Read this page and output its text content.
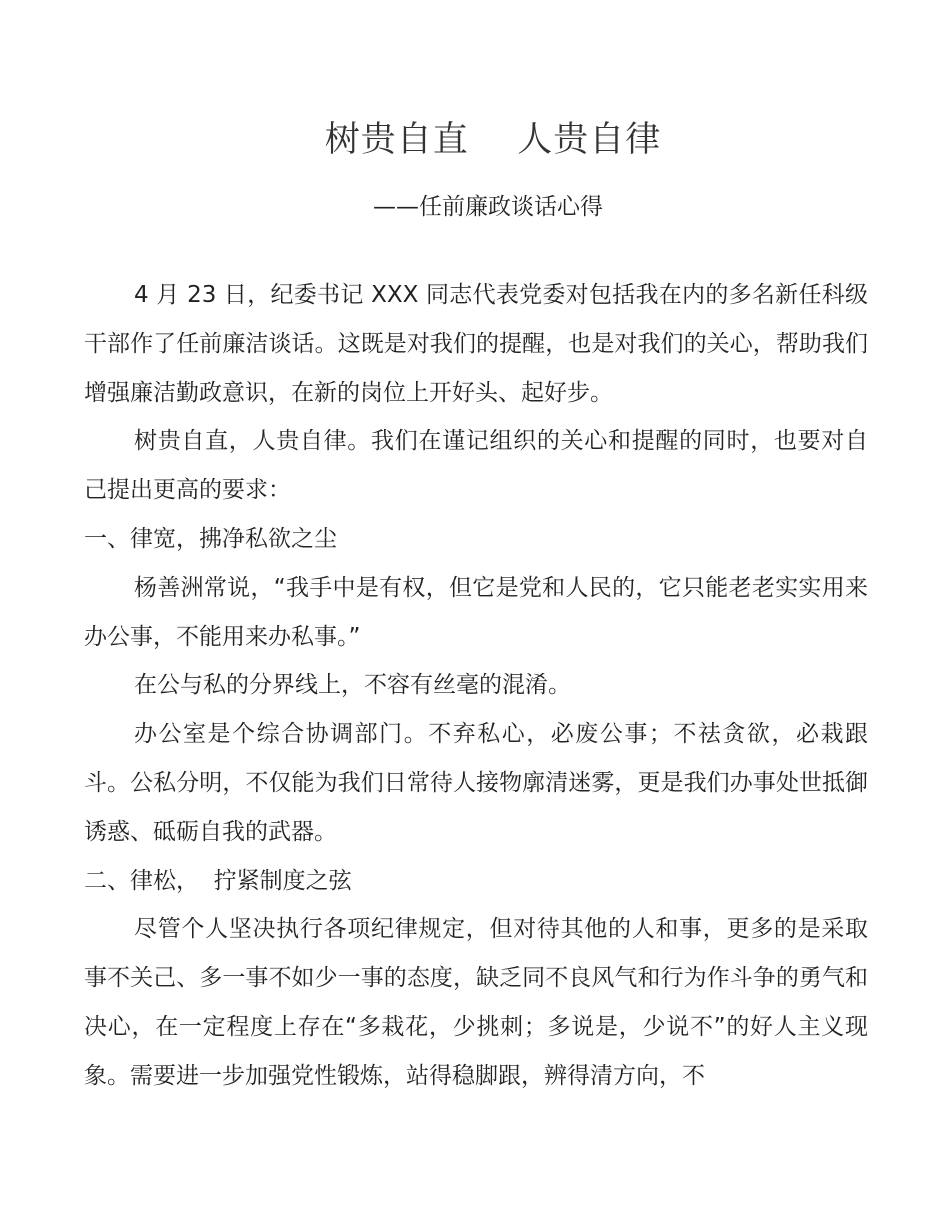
树贵自直    人贵自律
——任前廉政谈话心得

4 月 23 日，纪委书记 XXX 同志代表党委对包括我在内的多名新任科级干部作了任前廉洁谈话。这既是对我们的提醒，也是对我们的关心，帮助我们增强廉洁勤政意识，在新的岗位上开好头、起好步。

树贵自直，人贵自律。我们在谨记组织的关心和提醒的同时，也要对自己提出更高的要求：

一、律宽，拂净私欲之尘

杨善洲常说，“我手中是有权，但它是党和人民的，它只能老老实实用来办公事，不能用来办私事。”

在公与私的分界线上，不容有丝毫的混淆。

办公室是个综合协调部门。不弃私心，必废公事；不祛贪欲，必栽跟斗。公私分明，不仅能为我们日常待人接物廓清迷雾，更是我们办事处世抵御诱惑、砥砺自我的武器。

二、律松，  拧紧制度之弦

尽管个人坚决执行各项纪律规定，但对待其他的人和事，更多的是采取事不关己、多一事不如少一事的态度，缺乏同不良风气和行为作斗争的勇气和决心，在一定程度上存在“多栽花，少挑刺；多说是，少说不”的好人主义现象。需要进一步加强党性锻炼，站得稳脚跟，辨得清方向，不
